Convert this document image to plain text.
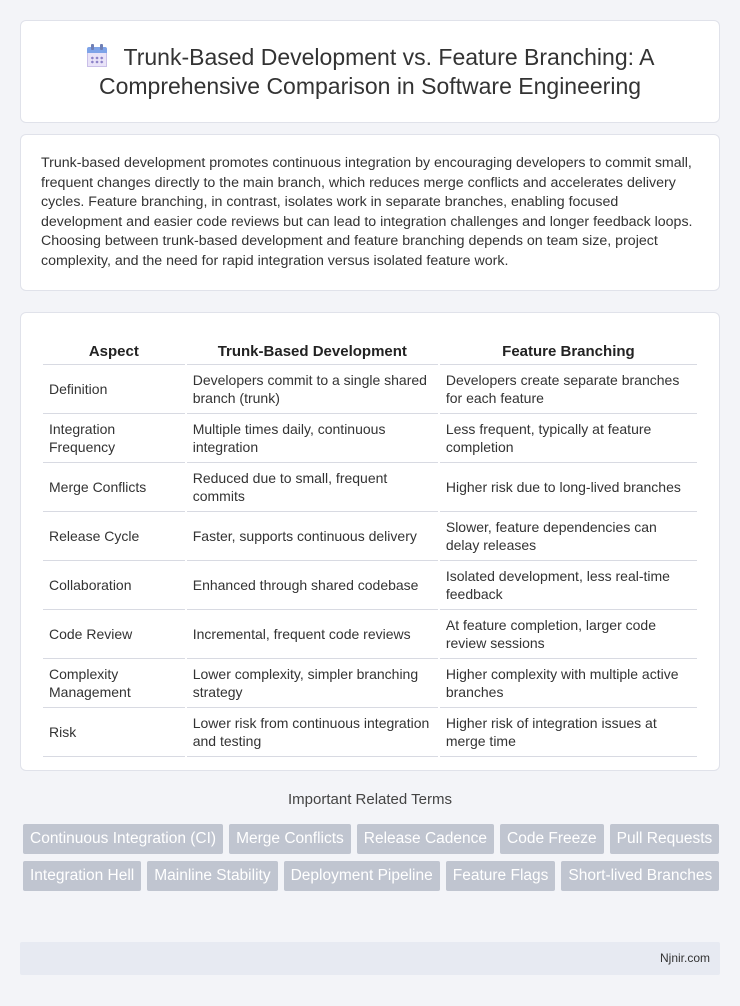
Trunk-Based Development vs. Feature Branching: A Comprehensive Comparison in Software Engineering

Trunk-based development promotes continuous integration by encouraging developers to commit small, frequent changes directly to the main branch, which reduces merge conflicts and accelerates delivery cycles. Feature branching, in contrast, isolates work in separate branches, enabling focused development and easier code reviews but can lead to integration challenges and longer feedback loops. Choosing between trunk-based development and feature branching depends on team size, project complexity, and the need for rapid integration versus isolated feature work.

Aspect	Trunk-Based Development	Feature Branching
Definition	Developers commit to a single shared branch (trunk)	Developers create separate branches for each feature
Integration Frequency	Multiple times daily, continuous integration	Less frequent, typically at feature completion
Merge Conflicts	Reduced due to small, frequent commits	Higher risk due to long-lived branches
Release Cycle	Faster, supports continuous delivery	Slower, feature dependencies can delay releases
Collaboration	Enhanced through shared codebase	Isolated development, less real-time feedback
Code Review	Incremental, frequent code reviews	At feature completion, larger code review sessions
Complexity Management	Lower complexity, simpler branching strategy	Higher complexity with multiple active branches
Risk	Lower risk from continuous integration and testing	Higher risk of integration issues at merge time
Important Related Terms
Continuous Integration (CI)	Merge Conflicts	Release Cadence	Code Freeze	Pull Requests
Integration Hell	Mainline Stability	Deployment Pipeline	Feature Flags	Short-lived Branches
Njnir.com
